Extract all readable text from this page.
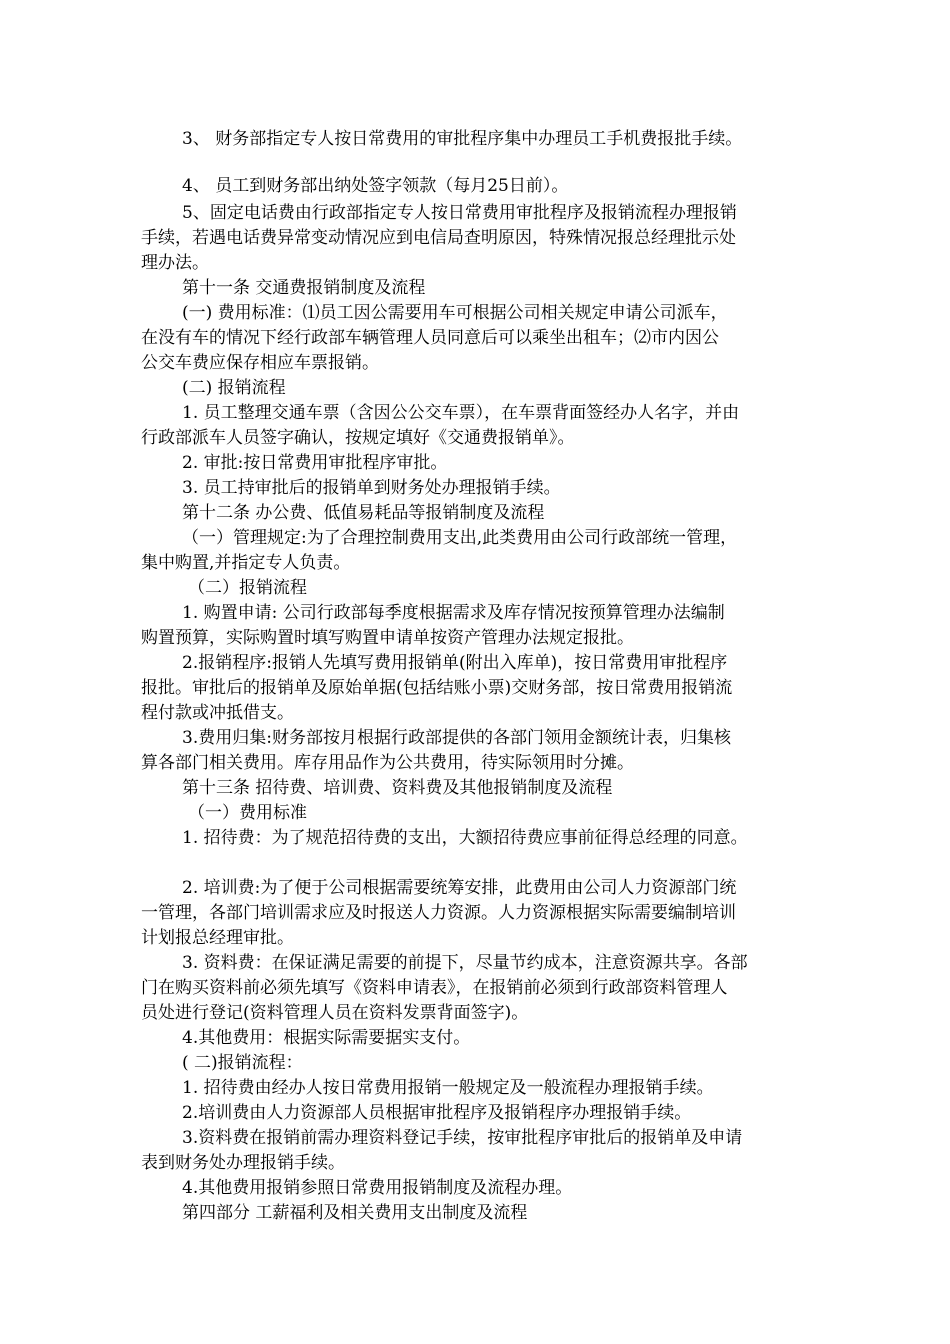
3、 财务部指定专人按日常费用的审批程序集中办理员工手机费报批手续。
4、 员工到财务部出纳处签字领款（每月25日前）。
5、固定电话费由行政部指定专人按日常费用审批程序及报销流程办理报销
手续，若遇电话费异常变动情况应到电信局查明原因，特殊情况报总经理批示处
理办法。
第十一条 交通费报销制度及流程
(一) 费用标准：⑴员工因公需要用车可根据公司相关规定申请公司派车，
在没有车的情况下经行政部车辆管理人员同意后可以乘坐出租车；⑵市内因公
公交车费应保存相应车票报销。
(二) 报销流程
1. 员工整理交通车票（含因公公交车票），在车票背面签经办人名字，并由
行政部派车人员签字确认，按规定填好《交通费报销单》。
2. 审批:按日常费用审批程序审批。
3. 员工持审批后的报销单到财务处办理报销手续。
第十二条 办公费、低值易耗品等报销制度及流程
（一）管理规定:为了合理控制费用支出,此类费用由公司行政部统一管理，
集中购置,并指定专人负责。
（二）报销流程
1. 购置申请: 公司行政部每季度根据需求及库存情况按预算管理办法编制
购置预算，实际购置时填写购置申请单按资产管理办法规定报批。
2.报销程序:报销人先填写费用报销单(附出入库单)，按日常费用审批程序
报批。审批后的报销单及原始单据(包括结账小票)交财务部，按日常费用报销流
程付款或冲抵借支。
3.费用归集:财务部按月根据行政部提供的各部门领用金额统计表，归集核
算各部门相关费用。库存用品作为公共费用，待实际领用时分摊。
第十三条 招待费、培训费、资料费及其他报销制度及流程
（一）费用标准
1. 招待费：为了规范招待费的支出，大额招待费应事前征得总经理的同意。
2. 培训费:为了便于公司根据需要统筹安排，此费用由公司人力资源部门统
一管理，各部门培训需求应及时报送人力资源。人力资源根据实际需要编制培训
计划报总经理审批。
3. 资料费：在保证满足需要的前提下，尽量节约成本，注意资源共享。各部
门在购买资料前必须先填写《资料申请表》，在报销前必须到行政部资料管理人
员处进行登记(资料管理人员在资料发票背面签字)。
4.其他费用：根据实际需要据实支付。
( 二)报销流程：
1. 招待费由经办人按日常费用报销一般规定及一般流程办理报销手续。
2.培训费由人力资源部人员根据审批程序及报销程序办理报销手续。
3.资料费在报销前需办理资料登记手续，按审批程序审批后的报销单及申请
表到财务处办理报销手续。
4.其他费用报销参照日常费用报销制度及流程办理。
第四部分 工薪福利及相关费用支出制度及流程
